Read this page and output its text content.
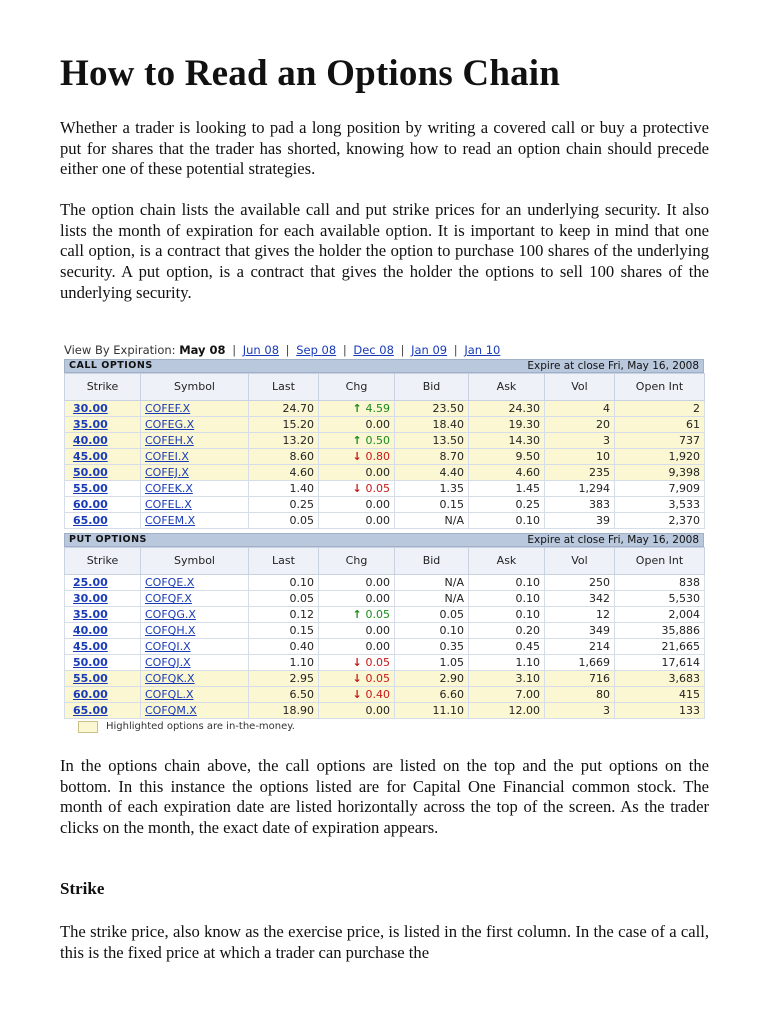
How to Read an Options Chain

Whether a trader is looking to pad a long position by writing a covered call or buy a protective put for shares that the trader has shorted, knowing how to read an option chain should precede either one of these potential strategies.

The option chain lists the available call and put strike prices for an underlying security. It also lists the month of expiration for each available option. It is important to keep in mind that one call option, is a contract that gives the holder the option to purchase 100 shares of the underlying security. A put option, is a contract that gives the holder the options to sell 100 shares of the underlying security.

View By Expiration: May 08 | Jun 08 | Sep 08 | Dec 08 | Jan 09 | Jan 10
CALL OPTIONS	Expire at close Fri, May 16, 2008
Strike	Symbol	Last	Chg	Bid	Ask	Vol	Open Int
30.00	COFEF.X	24.70	↑ 4.59	23.50	24.30	4	2
35.00	COFEG.X	15.20	0.00	18.40	19.30	20	61
40.00	COFEH.X	13.20	↑ 0.50	13.50	14.30	3	737
45.00	COFEI.X	8.60	↓ 0.80	8.70	9.50	10	1,920
50.00	COFEJ.X	4.60	0.00	4.40	4.60	235	9,398
55.00	COFEK.X	1.40	↓ 0.05	1.35	1.45	1,294	7,909
60.00	COFEL.X	0.25	0.00	0.15	0.25	383	3,533
65.00	COFEM.X	0.05	0.00	N/A	0.10	39	2,370
PUT OPTIONS	Expire at close Fri, May 16, 2008
Strike	Symbol	Last	Chg	Bid	Ask	Vol	Open Int
25.00	COFQE.X	0.10	0.00	N/A	0.10	250	838
30.00	COFQF.X	0.05	0.00	N/A	0.10	342	5,530
35.00	COFQG.X	0.12	↑ 0.05	0.05	0.10	12	2,004
40.00	COFQH.X	0.15	0.00	0.10	0.20	349	35,886
45.00	COFQI.X	0.40	0.00	0.35	0.45	214	21,665
50.00	COFQJ.X	1.10	↓ 0.05	1.05	1.10	1,669	17,614
55.00	COFQK.X	2.95	↓ 0.05	2.90	3.10	716	3,683
60.00	COFQL.X	6.50	↓ 0.40	6.60	7.00	80	415
65.00	COFQM.X	18.90	0.00	11.10	12.00	3	133
Highlighted options are in-the-money.

In the options chain above, the call options are listed on the top and the put options on the bottom. In this instance the options listed are for Capital One Financial common stock. The month of each expiration date are listed horizontally across the top of the screen. As the trader clicks on the month, the exact date of expiration appears.

Strike

The strike price, also know as the exercise price, is listed in the first column. In the case of a call, this is the fixed price at which a trader can purchase the
